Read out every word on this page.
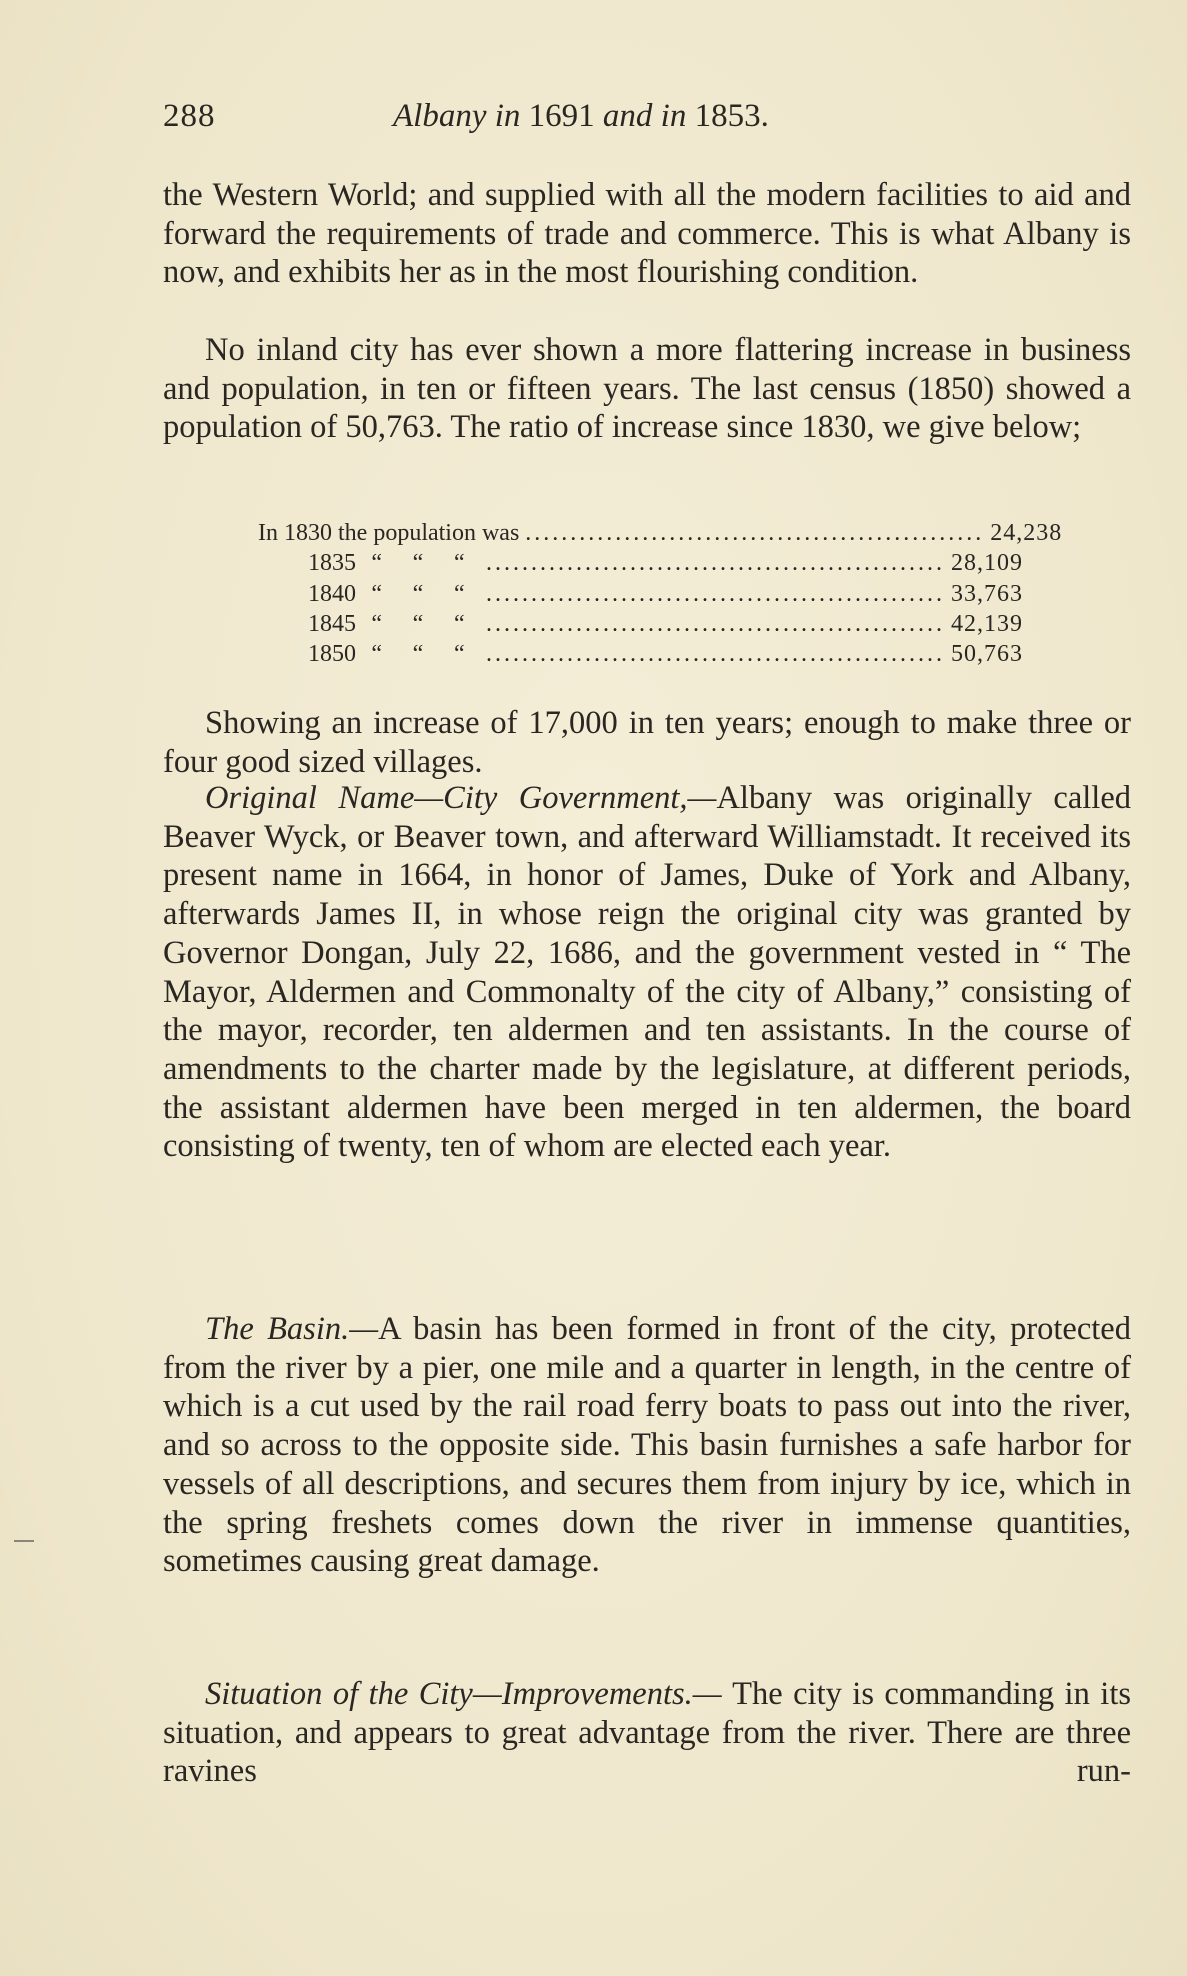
288	Albany in 1691 and in 1853.

the Western World; and supplied with all the modern facilities to aid and forward the requirements of trade and commerce. This is what Albany is now, and exhibits her as in the most flourishing condition.

No inland city has ever shown a more flattering increase in business and population, in ten or fifteen years. The last census (1850) showed a population of 50,763. The ratio of increase since 1830, we give below;

In 1830 the population was ................................................... 24,238
1835 “	“	“ ................................................... 28,109
1840 “	“	“ ................................................... 33,763
1845 “	“	“ ................................................... 42,139
1850 “	“	“ ................................................... 50,763

Showing an increase of 17,000 in ten years; enough to make three or four good sized villages.

Original Name—City Government,—Albany was originally called Beaver Wyck, or Beaver town, and afterward Williamstadt. It received its present name in 1664, in honor of James, Duke of York and Albany, afterwards James II, in whose reign the original city was granted by Governor Dongan, July 22, 1686, and the government vested in “ The Mayor, Aldermen and Commonalty of the city of Albany,” consisting of the mayor, recorder, ten aldermen and ten assistants. In the course of amendments to the charter made by the legislature, at different periods, the assistant aldermen have been merged in ten aldermen, the board consisting of twenty, ten of whom are elected each year.

The Basin.—A basin has been formed in front of the city, protected from the river by a pier, one mile and a quarter in length, in the centre of which is a cut used by the rail road ferry boats to pass out into the river, and so across to the opposite side. This basin furnishes a safe harbor for vessels of all descriptions, and secures them from injury by ice, which in the spring freshets comes down the river in immense quantities, sometimes causing great damage.

Situation of the City—Improvements.— The city is commanding in its situation, and appears to great advantage from the river. There are three ravines run-
